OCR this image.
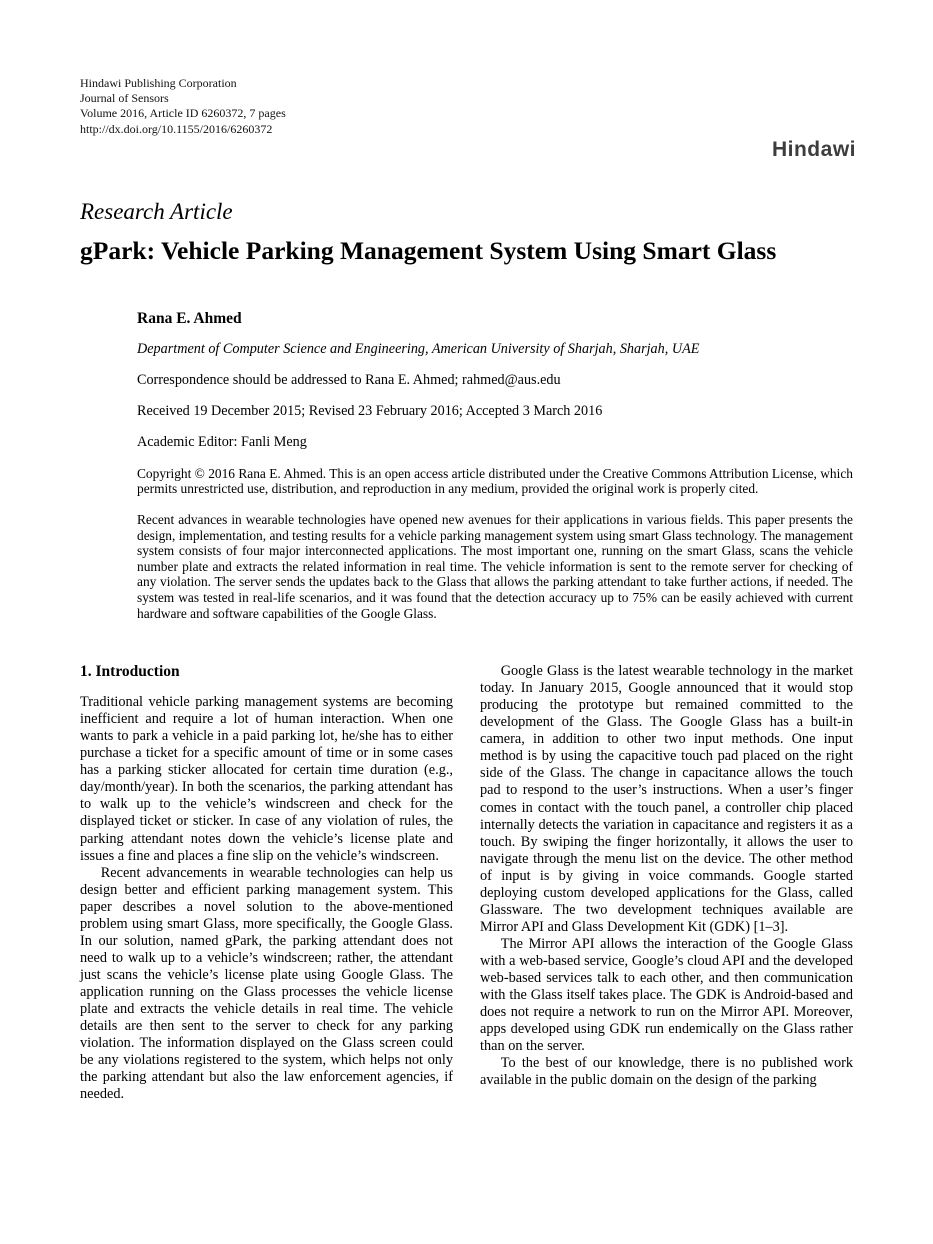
Hindawi
Hindawi Publishing Corporation
Journal of Sensors
Volume 2016, Article ID 6260372, 7 pages
http://dx.doi.org/10.1155/2016/6260372
Research Article
gPark: Vehicle Parking Management System Using Smart Glass
Rana E. Ahmed
Department of Computer Science and Engineering, American University of Sharjah, Sharjah, UAE
Correspondence should be addressed to Rana E. Ahmed; rahmed@aus.edu
Received 19 December 2015; Revised 23 February 2016; Accepted 3 March 2016
Academic Editor: Fanli Meng
Copyright © 2016 Rana E. Ahmed. This is an open access article distributed under the Creative Commons Attribution License, which permits unrestricted use, distribution, and reproduction in any medium, provided the original work is properly cited.
Recent advances in wearable technologies have opened new avenues for their applications in various fields. This paper presents the design, implementation, and testing results for a vehicle parking management system using smart Glass technology. The management system consists of four major interconnected applications. The most important one, running on the smart Glass, scans the vehicle number plate and extracts the related information in real time. The vehicle information is sent to the remote server for checking of any violation. The server sends the updates back to the Glass that allows the parking attendant to take further actions, if needed. The system was tested in real-life scenarios, and it was found that the detection accuracy up to 75% can be easily achieved with current hardware and software capabilities of the Google Glass.
1. Introduction

Traditional vehicle parking management systems are becoming inefficient and require a lot of human interaction. When one wants to park a vehicle in a paid parking lot, he/she has to either purchase a ticket for a specific amount of time or in some cases has a parking sticker allocated for certain time duration (e.g., day/month/year). In both the scenarios, the parking attendant has to walk up to the vehicle’s windscreen and check for the displayed ticket or sticker. In case of any violation of rules, the parking attendant notes down the vehicle’s license plate and issues a fine and places a fine slip on the vehicle’s windscreen.

Recent advancements in wearable technologies can help us design better and efficient parking management system. This paper describes a novel solution to the above-mentioned problem using smart Glass, more specifically, the Google Glass. In our solution, named gPark, the parking attendant does not need to walk up to a vehicle’s windscreen; rather, the attendant just scans the vehicle’s license plate using Google Glass. The application running on the Glass processes the vehicle license plate and extracts the vehicle details in real time. The vehicle details are then sent to the server to check for any parking violation. The information displayed on the Glass screen could be any violations registered to the system, which helps not only the parking attendant but also the law enforcement agencies, if needed.

Google Glass is the latest wearable technology in the market today. In January 2015, Google announced that it would stop producing the prototype but remained committed to the development of the Glass. The Google Glass has a built-in camera, in addition to other two input methods. One input method is by using the capacitive touch pad placed on the right side of the Glass. The change in capacitance allows the touch pad to respond to the user’s instructions. When a user’s finger comes in contact with the touch panel, a controller chip placed internally detects the variation in capacitance and registers it as a touch. By swiping the finger horizontally, it allows the user to navigate through the menu list on the device. The other method of input is by giving in voice commands. Google started deploying custom developed applications for the Glass, called Glassware. The two development techniques available are Mirror API and Glass Development Kit (GDK) [1–3].

The Mirror API allows the interaction of the Google Glass with a web-based service, Google’s cloud API and the developed web-based services talk to each other, and then communication with the Glass itself takes place. The GDK is Android-based and does not require a network to run on the Mirror API. Moreover, apps developed using GDK run endemically on the Glass rather than on the server.

To the best of our knowledge, there is no published work available in the public domain on the design of the parking
